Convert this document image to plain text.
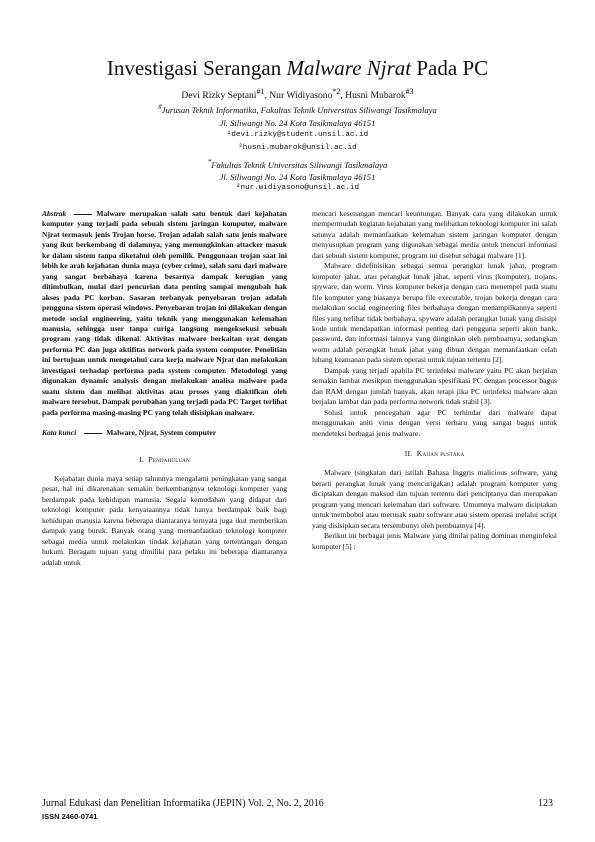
Investigasi Serangan Malware Njrat Pada PC
Devi Rizky Septani$^{\#1}$, Nur Widiyasono$^{*2}$, Husni Mubarok$^{\#3}$
#Jurusan Teknik Informatika, Fakultas Teknik Universitas Siliwangi Tasikmalaya
Jl. Siliwangi No. 24 Kota Tasikmalaya 46151
¹devi.rizky@student.unsil.ac.id
³husni.mubarok@unsil.ac.id
*Fakultas Teknik Universitas Siliwangi Tasikmalaya
Jl. Siliwangi No. 24 Kota Tasikmalaya 46151
²nur.widiyasono@unsil.ac.id

Abstrak	Malware merupakan salah satu bentuk dari kejahatan komputer yang terjadi pada sebuah sistem jaringan komputer, malware Njrat termasuk jenis Trojan horse. Trojan adalah salah satu jenis malware yang ikut berkembang di dalamnya, yang memungkinkan attacker masuk ke dalam sistem tanpa diketahui oleh pemilik. Penggunaan trojan saat ini lebih ke arah kejahatan dunia maya (cyber crime), salah satu dari malware yang sangat berbahaya karena besarnya dampak kerugian yang ditimbulkan, mulai dari pencurian data penting sampai mengubah hak akses pada PC korban. Sasaran terbanyak penyebaran trojan adalah pengguna sistem operasi windows. Penyebaran trojan ini dilakukan dengan metode social engineering, yaitu teknik yang menggunakan kelemahan manusia, sehingga user tanpa curiga langsung mengeksekusi sebuah program yang tidak dikenal. Aktivitas malware berkaitan erat dengan performa PC dan juga aktifitas network pada system computer. Penelitian ini bertujuan untuk mengetahui cara kerja malware Njrat dan melakukan investigasi terhadap performa pada system computer. Metodologi yang digunakan dynamic analysis dengan melakukan analisa malware pada suatu sistem dan melihat aktivitas atau proses yang diaktifkan oleh malware tersebut. Dampak perubahan yang terjadi pada PC Target terlihat pada performa masing-masing PC yang telah disisipkan malware.

Kata kunci	Malware, Njrat, System computer

I. Pendahuluan

Kejahatan dunia maya setiap tahunnya mengalami peningkatan yang sangat pesat, hal ini dikarenakan semakin berkembangnya teknologi komputer yang berdampak pada kehidupan manusia. Segala kemudahan yang didapat dari teknologi komputer pada kenyataannya tidak hanya berdampak baik bagi kehidupan manusia karena beberapa diantaranya ternyata juga ikut memberikan dampak yang buruk. Banyak orang yang memanfaatkan teknologi komputer sebagai media untuk melakukan tindak kejahatan yang tertentangan dengan hukum. Beragam tujuan yang dimiliki para pelaku ini beberapa diantaranya adalah untuk

mencari kesenangan mencari keuntungan. Banyak cara yang dilakukan untuk mempermudah kegiatan kejahatan yang melibatkan teknologi komputer ini salah satunya adalah memanfaatkan kelemahan sistem jaringan komputer dengan menyusupkan program yang digunakan sebagai media untuk mencuri informasi dari sebuah sistem komputer, program ini disebut sebagai malware [1].

Malware didefinisikan sebagai semua perangkat lunak jahat, program komputer jahat, atau perangkat lunak jahat, seperti virus (komputer), trojans, spyware, dan worm. Virus komputer bekerja dengan cara menempel pada suatu file komputer yang biasanya berupa file executable, trojan bekerja dengan cara melakukan social engineering files berbahaya dengan menampilkannya seperti files yang terlihat tidak berbahaya, spyware adalah perangkat lunak yang disisipi kode untuk mendapatkan informasi penting dari pengguna seperti akun bank, password, dan informasi lainnya yang diinginkan oleh pembuatnya, sedangkan worm adalah perangkat lunak jahat yang dibuat dengan memanfaatkan celah lubang keamanan pada sistem operasi untuk tujuan tertentu [2].

Dampak yang terjadi apabila PC terinfeksi malware yaitu PC akan berjalan semakin lambat mesikpun menggunakan spesifikasi PC dengan processor bagus dan RAM dengan jumlah banyak, akan tetapi jika PC terinfeksi malware akan berjalan lambat dan pada performa network tidak stabil [3].

Solusi untuk pencegahan agar PC terhindar dari malware dapat menggunakan aniti virus dengan versi terbaru yang sangat bagus untuk mendeteksi berbagai jenis malware.

II. Kajian pustaka

Malware (singkatan dari istilah Bahasa Inggris malicious software, yang berarti perangkat lunak yang mencurigakan) adalah program komputer yang diciptakan dengan maksud dan tujuan tertentu dari penciptanya dan merupakan program yang mencari kelemahan dari software. Umumnya malware diciptakan untuk membobol atau merusak suatu software atau sistem operasi melalui script yang disisipkan secara tersembunyi oleh pembuatnya [4].

Berikut ini berbagai jenis Malware yang dinilai paling dominan menginfeksi komputer [5] :

Jurnal Edukasi dan Penelitian Informatika (JEPIN) Vol. 2, No. 2, 2016	123
ISSN 2460-0741
